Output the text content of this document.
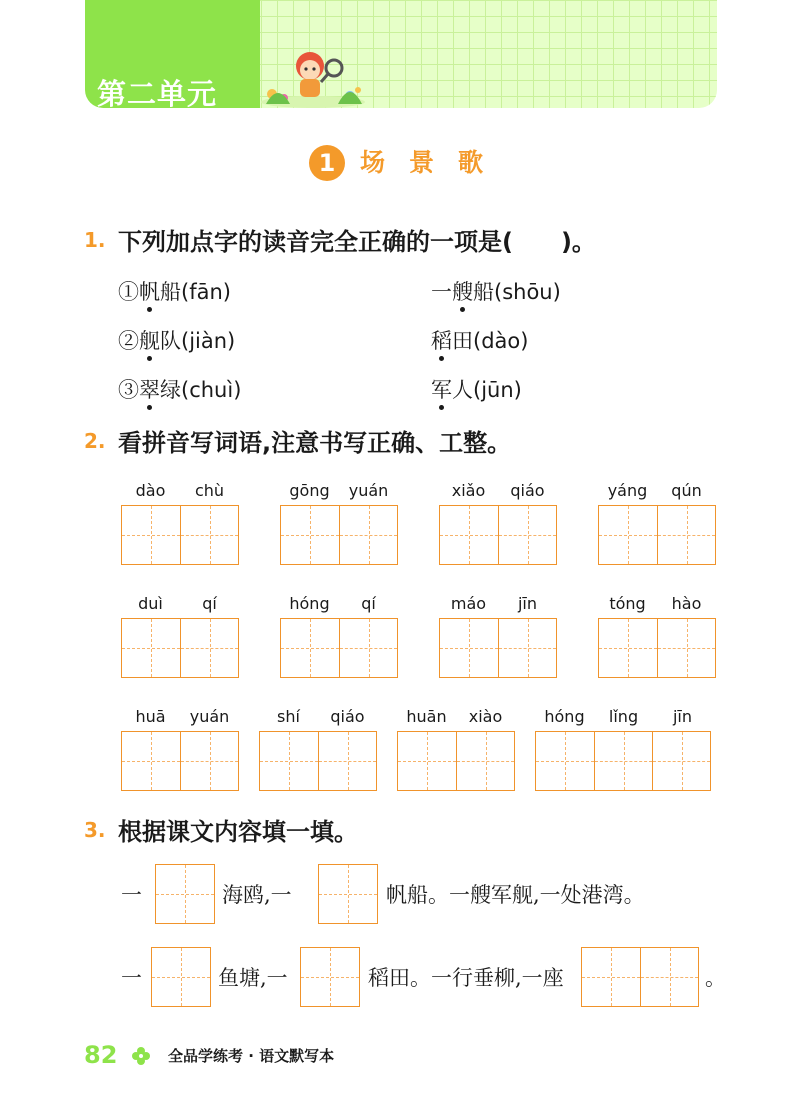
第二单元
1 场景歌
1. 下列加点字的读音完全正确的一项是(　　)。
①帆船(fān)	一艘船(shōu)
②舰队(jiàn)	稻田(dào)
③翠绿(chuì)	军人(jūn)
2. 看拼音写词语,注意书写正确、工整。
dào	chù	gōng	yuán	xiǎo	qiáo	yáng	qún
duì	qí	hóng	qí	máo	jīn	tóng	hào
huā	yuán	shí	qiáo	huān	xiào	hóng	lǐng	jīn
3. 根据课文内容填一填。
一	海鸥,一	帆船。一艘军舰,一处港湾。
一	鱼塘,一	稻田。一行垂柳,一座	。
82	全品学练考 · 语文默写本
